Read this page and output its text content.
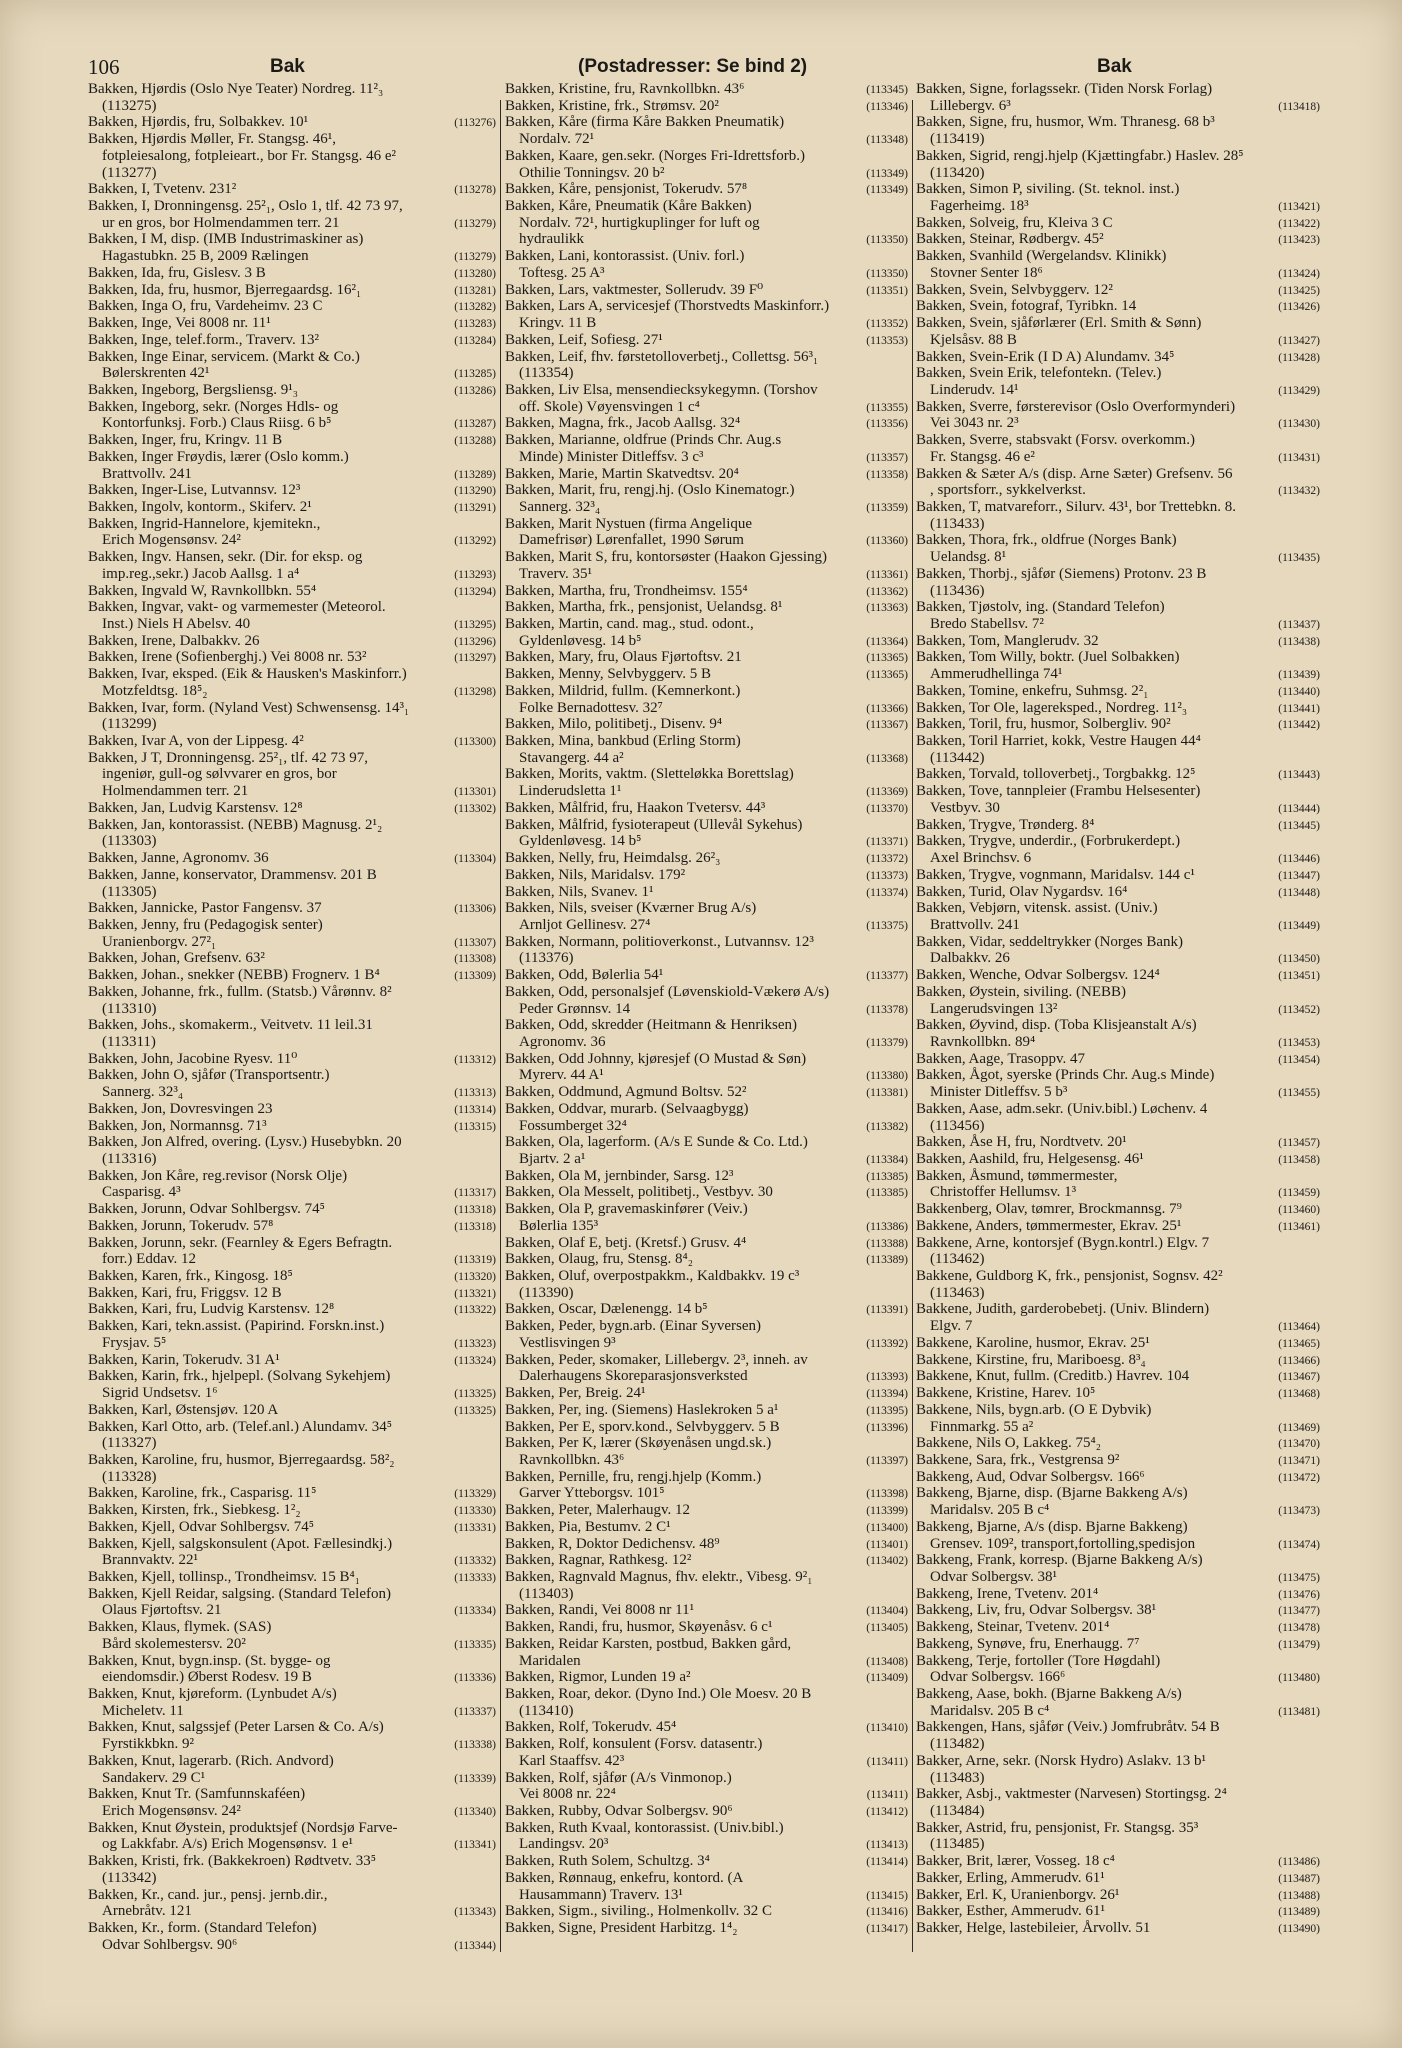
106	Bak	(Postadresser: Se bind 2)	Bak
Bakken, Hjørdis (Oslo Nye Teater) Nordreg. 11²₃
(113275)
Bakken, Hjørdis, fru, Solbakkev. 10¹	(113276)
Bakken, Hjørdis Møller, Fr. Stangsg. 46¹,
fotpleiesalong, fotpleieart., bor Fr. Stangsg. 46 e²
(113277)
Bakken, I, Tvetenv. 231²	(113278)
Bakken, I, Dronningensg. 25²₁, Oslo 1, tlf. 42 73 97,
ur en gros, bor Holmendammen terr. 21	(113279)
Bakken, I M, disp. (IMB Industrimaskiner as)
Hagastubkn. 25 B, 2009 Rælingen	(113279)
Bakken, Ida, fru, Gislesv. 3 B	(113280)
Bakken, Ida, fru, husmor, Bjerregaardsg. 16²₁	(113281)
Bakken, Inga O, fru, Vardeheimv. 23 C	(113282)
Bakken, Inge, Vei 8008 nr. 11¹	(113283)
Bakken, Inge, telef.form., Traverv. 13²	(113284)
Bakken, Inge Einar, servicem. (Markt & Co.)
Bølerskrenten 42¹	(113285)
Bakken, Ingeborg, Bergsliensg. 9¹₃	(113286)
Bakken, Ingeborg, sekr. (Norges Hdls- og
Kontorfunksj. Forb.) Claus Riisg. 6 b⁵	(113287)
Bakken, Inger, fru, Kringv. 11 B	(113288)
Bakken, Inger Frøydis, lærer (Oslo komm.)
Brattvollv. 241	(113289)
Bakken, Inger-Lise, Lutvannsv. 12³	(113290)
Bakken, Ingolv, kontorm., Skiferv. 2¹	(113291)
Bakken, Ingrid-Hannelore, kjemitekn.,
Erich Mogensønsv. 24²	(113292)
Bakken, Ingv. Hansen, sekr. (Dir. for eksp. og
imp.reg.,sekr.) Jacob Aallsg. 1 a⁴	(113293)
Bakken, Ingvald W, Ravnkollbkn. 55⁴	(113294)
Bakken, Ingvar, vakt- og varmemester (Meteorol.
Inst.) Niels H Abelsv. 40	(113295)
Bakken, Irene, Dalbakkv. 26	(113296)
Bakken, Irene (Sofienberghj.) Vei 8008 nr. 53²	(113297)
Bakken, Ivar, eksped. (Eik & Hausken's Maskinforr.)
Motzfeldtsg. 18⁵₂	(113298)
Bakken, Ivar, form. (Nyland Vest) Schwensensg. 14³₁
(113299)
Bakken, Ivar A, von der Lippesg. 4²	(113300)
Bakken, J T, Dronningensg. 25²₁, tlf. 42 73 97,
ingeniør, gull-og sølvvarer en gros, bor
Holmendammen terr. 21	(113301)
Bakken, Jan, Ludvig Karstensv. 12⁸	(113302)
Bakken, Jan, kontorassist. (NEBB) Magnusg. 2¹₂
(113303)
Bakken, Janne, Agronomv. 36	(113304)
Bakken, Janne, konservator, Drammensv. 201 B
(113305)
Bakken, Jannicke, Pastor Fangensv. 37	(113306)
Bakken, Jenny, fru (Pedagogisk senter)
Uranienborgv. 27²₁	(113307)
Bakken, Johan, Grefsenv. 63²	(113308)
Bakken, Johan., snekker (NEBB) Frognerv. 1 B⁴	(113309)
Bakken, Johanne, frk., fullm. (Statsb.) Vårønnv. 8²
(113310)
Bakken, Johs., skomakerm., Veitvetv. 11 leil.31
(113311)
Bakken, John, Jacobine Ryesv. 11⁰	(113312)
Bakken, John O, sjåfør (Transportsentr.)
Sannerg. 32³₄	(113313)
Bakken, Jon, Dovresvingen 23	(113314)
Bakken, Jon, Normannsg. 71³	(113315)
Bakken, Jon Alfred, overing. (Lysv.) Husebybkn. 20
(113316)
Bakken, Jon Kåre, reg.revisor (Norsk Olje)
Casparisg. 4³	(113317)
Bakken, Jorunn, Odvar Sohlbergsv. 74⁵	(113318)
Bakken, Jorunn, Tokerudv. 57⁸	(113318)
Bakken, Jorunn, sekr. (Fearnley & Egers Befragtn.
forr.) Eddav. 12	(113319)
Bakken, Karen, frk., Kingosg. 18⁵	(113320)
Bakken, Kari, fru, Friggsv. 12 B	(113321)
Bakken, Kari, fru, Ludvig Karstensv. 12⁸	(113322)
Bakken, Kari, tekn.assist. (Papirind. Forskn.inst.)
Frysjav. 5⁵	(113323)
Bakken, Karin, Tokerudv. 31 A¹	(113324)
Bakken, Karin, frk., hjelpepl. (Solvang Sykehjem)
Sigrid Undsetsv. 1⁶	(113325)
Bakken, Karl, Østensjøv. 120 A	(113325)
Bakken, Karl Otto, arb. (Telef.anl.) Alundamv. 34⁵
(113327)
Bakken, Karoline, fru, husmor, Bjerregaardsg. 58²₂
(113328)
Bakken, Karoline, frk., Casparisg. 11⁵	(113329)
Bakken, Kirsten, frk., Siebkesg. 1²₂	(113330)
Bakken, Kjell, Odvar Sohlbergsv. 74⁵	(113331)
Bakken, Kjell, salgskonsulent (Apot. Fællesindkj.)
Brannvaktv. 22¹	(113332)
Bakken, Kjell, tollinsp., Trondheimsv. 15 B⁴₁	(113333)
Bakken, Kjell Reidar, salgsing. (Standard Telefon)
Olaus Fjørtoftsv. 21	(113334)
Bakken, Klaus, flymek. (SAS)
Bård skolemestersv. 20²	(113335)
Bakken, Knut, bygn.insp. (St. bygge- og
eiendomsdir.) Øberst Rodesv. 19 B	(113336)
Bakken, Knut, kjøreform. (Lynbudet A/s)
Micheletv. 11	(113337)
Bakken, Knut, salgssjef (Peter Larsen & Co. A/s)
Fyrstikkbkn. 9²	(113338)
Bakken, Knut, lagerarb. (Rich. Andvord)
Sandakerv. 29 C¹	(113339)
Bakken, Knut Tr. (Samfunnskaféen)
Erich Mogensønsv. 24²	(113340)
Bakken, Knut Øystein, produktsjef (Nordsjø Farve-
og Lakkfabr. A/s) Erich Mogensønsv. 1 e¹	(113341)
Bakken, Kristi, frk. (Bakkekroen) Rødtvetv. 33⁵
(113342)
Bakken, Kr., cand. jur., pensj. jernb.dir.,
Arnebråtv. 121	(113343)
Bakken, Kr., form. (Standard Telefon)
Odvar Sohlbergsv. 90⁶	(113344)
Bakken, Kristine, fru, Ravnkollbkn. 43⁶	(113345)
Bakken, Kristine, frk., Strømsv. 20²	(113346)
Bakken, Kåre (firma Kåre Bakken Pneumatik)
Nordalv. 72¹	(113348)
Bakken, Kaare, gen.sekr. (Norges Fri-Idrettsforb.)
Othilie Tonningsv. 20 b²	(113349)
Bakken, Kåre, pensjonist, Tokerudv. 57⁸	(113349)
Bakken, Kåre, Pneumatik (Kåre Bakken)
Nordalv. 72¹, hurtigkuplinger for luft og
hydraulikk	(113350)
Bakken, Lani, kontorassist. (Univ. forl.)
Toftesg. 25 A³	(113350)
Bakken, Lars, vaktmester, Sollerudv. 39 F⁰	(113351)
Bakken, Lars A, servicesjef (Thorstvedts Maskinforr.)
Kringv. 11 B	(113352)
Bakken, Leif, Sofiesg. 27¹	(113353)
Bakken, Leif, fhv. førstetolloverbetj., Collettsg. 56³₁
(113354)
Bakken, Liv Elsa, mensendiecksykegymn. (Torshov
off. Skole) Vøyensvingen 1 c⁴	(113355)
Bakken, Magna, frk., Jacob Aallsg. 32⁴	(113356)
Bakken, Marianne, oldfrue (Prinds Chr. Aug.s
Minde) Minister Ditleffsv. 3 c³	(113357)
Bakken, Marie, Martin Skatvedtsv. 20⁴	(113358)
Bakken, Marit, fru, rengj.hj. (Oslo Kinematogr.)
Sannerg. 32³₄	(113359)
Bakken, Marit Nystuen (firma Angelique
Damefrisør) Lørenfallet, 1990 Sørum	(113360)
Bakken, Marit S, fru, kontorsøster (Haakon Gjessing)
Traverv. 35¹	(113361)
Bakken, Martha, fru, Trondheimsv. 155⁴	(113362)
Bakken, Martha, frk., pensjonist, Uelandsg. 8¹	(113363)
Bakken, Martin, cand. mag., stud. odont.,
Gyldenløvesg. 14 b⁵	(113364)
Bakken, Mary, fru, Olaus Fjørtoftsv. 21	(113365)
Bakken, Menny, Selvbyggerv. 5 B	(113365)
Bakken, Mildrid, fullm. (Kemnerkont.)
Folke Bernadottesv. 32⁷	(113366)
Bakken, Milo, politibetj., Disenv. 9⁴	(113367)
Bakken, Mina, bankbud (Erling Storm)
Stavangerg. 44 a²	(113368)
Bakken, Morits, vaktm. (Sletteløkka Borettslag)
Linderudsletta 1¹	(113369)
Bakken, Målfrid, fru, Haakon Tvetersv. 44³	(113370)
Bakken, Målfrid, fysioterapeut (Ullevål Sykehus)
Gyldenløvesg. 14 b⁵	(113371)
Bakken, Nelly, fru, Heimdalsg. 26²₃	(113372)
Bakken, Nils, Maridalsv. 179²	(113373)
Bakken, Nils, Svanev. 1¹	(113374)
Bakken, Nils, sveiser (Kværner Brug A/s)
Arnljot Gellinesv. 27⁴	(113375)
Bakken, Normann, politioverkonst., Lutvannsv. 12³
(113376)
Bakken, Odd, Bølerlia 54¹	(113377)
Bakken, Odd, personalsjef (Løvenskiold-Vækerø A/s)
Peder Grønnsv. 14	(113378)
Bakken, Odd, skredder (Heitmann & Henriksen)
Agronomv. 36	(113379)
Bakken, Odd Johnny, kjøresjef (O Mustad & Søn)
Myrerv. 44 A¹	(113380)
Bakken, Oddmund, Agmund Boltsv. 52²	(113381)
Bakken, Oddvar, murarb. (Selvaagbygg)
Fossumberget 32⁴	(113382)
Bakken, Ola, lagerform. (A/s E Sunde & Co. Ltd.)
Bjartv. 2 a¹	(113384)
Bakken, Ola M, jernbinder, Sarsg. 12³	(113385)
Bakken, Ola Messelt, politibetj., Vestbyv. 30	(113385)
Bakken, Ola P, gravemaskinfører (Veiv.)
Bølerlia 135³	(113386)
Bakken, Olaf E, betj. (Kretsf.) Grusv. 4⁴	(113388)
Bakken, Olaug, fru, Stensg. 8⁴₂	(113389)
Bakken, Oluf, overpostpakkm., Kaldbakkv. 19 c³
(113390)
Bakken, Oscar, Dælenengg. 14 b⁵	(113391)
Bakken, Peder, bygn.arb. (Einar Syversen)
Vestlisvingen 9³	(113392)
Bakken, Peder, skomaker, Lillebergv. 2³, inneh. av
Dalerhaugens Skoreparasjonsverksted	(113393)
Bakken, Per, Breig. 24¹	(113394)
Bakken, Per, ing. (Siemens) Haslekroken 5 a¹	(113395)
Bakken, Per E, sporv.kond., Selvbyggerv. 5 B	(113396)
Bakken, Per K, lærer (Skøyenåsen ungd.sk.)
Ravnkollbkn. 43⁶	(113397)
Bakken, Pernille, fru, rengj.hjelp (Komm.)
Garver Ytteborgsv. 101⁵	(113398)
Bakken, Peter, Malerhaugv. 12	(113399)
Bakken, Pia, Bestumv. 2 C¹	(113400)
Bakken, R, Doktor Dedichensv. 48⁹	(113401)
Bakken, Ragnar, Rathkesg. 12²	(113402)
Bakken, Ragnvald Magnus, fhv. elektr., Vibesg. 9²₁
(113403)
Bakken, Randi, Vei 8008 nr 11¹	(113404)
Bakken, Randi, fru, husmor, Skøyenåsv. 6 c¹	(113405)
Bakken, Reidar Karsten, postbud, Bakken gård,
Maridalen	(113408)
Bakken, Rigmor, Lunden 19 a²	(113409)
Bakken, Roar, dekor. (Dyno Ind.) Ole Moesv. 20 B
(113410)
Bakken, Rolf, Tokerudv. 45⁴	(113410)
Bakken, Rolf, konsulent (Forsv. datasentr.)
Karl Staaffsv. 42³	(113411)
Bakken, Rolf, sjåfør (A/s Vinmonop.)
Vei 8008 nr. 22⁴	(113411)
Bakken, Rubby, Odvar Solbergsv. 90⁶	(113412)
Bakken, Ruth Kvaal, kontorassist. (Univ.bibl.)
Landingsv. 20³	(113413)
Bakken, Ruth Solem, Schultzg. 3⁴	(113414)
Bakken, Rønnaug, enkefru, kontord. (A
Hausammann) Traverv. 13¹	(113415)
Bakken, Sigm., siviling., Holmenkollv. 32 C	(113416)
Bakken, Signe, President Harbitzg. 1⁴₂	(113417)
Bakken, Signe, forlagssekr. (Tiden Norsk Forlag)
Lillebergv. 6³	(113418)
Bakken, Signe, fru, husmor, Wm. Thranesg. 68 b³
(113419)
Bakken, Sigrid, rengj.hjelp (Kjættingfabr.) Haslev. 28⁵
(113420)
Bakken, Simon P, siviling. (St. teknol. inst.)
Fagerheimg. 18³	(113421)
Bakken, Solveig, fru, Kleiva 3 C	(113422)
Bakken, Steinar, Rødbergv. 45²	(113423)
Bakken, Svanhild (Wergelandsv. Klinikk)
Stovner Senter 18⁶	(113424)
Bakken, Svein, Selvbyggerv. 12²	(113425)
Bakken, Svein, fotograf, Tyribkn. 14	(113426)
Bakken, Svein, sjåførlærer (Erl. Smith & Sønn)
Kjelsåsv. 88 B	(113427)
Bakken, Svein-Erik (I D A) Alundamv. 34⁵	(113428)
Bakken, Svein Erik, telefontekn. (Telev.)
Linderudv. 14¹	(113429)
Bakken, Sverre, førsterevisor (Oslo Overformynderi)
Vei 3043 nr. 2³	(113430)
Bakken, Sverre, stabsvakt (Forsv. overkomm.)
Fr. Stangsg. 46 e²	(113431)
Bakken & Sæter A/s (disp. Arne Sæter) Grefsenv. 56
, sportsforr., sykkelverkst.	(113432)
Bakken, T, matvareforr., Silurv. 43¹, bor Trettebkn. 8.
(113433)
Bakken, Thora, frk., oldfrue (Norges Bank)
Uelandsg. 8¹	(113435)
Bakken, Thorbj., sjåfør (Siemens) Protonv. 23 B
(113436)
Bakken, Tjøstolv, ing. (Standard Telefon)
Bredo Stabellsv. 7²	(113437)
Bakken, Tom, Manglerudv. 32	(113438)
Bakken, Tom Willy, boktr. (Juel Solbakken)
Ammerudhellinga 74¹	(113439)
Bakken, Tomine, enkefru, Suhmsg. 2²₁	(113440)
Bakken, Tor Ole, lagereksped., Nordreg. 11²₃	(113441)
Bakken, Toril, fru, husmor, Solbergliv. 90²	(113442)
Bakken, Toril Harriet, kokk, Vestre Haugen 44⁴
(113442)
Bakken, Torvald, tolloverbetj., Torgbakkg. 12⁵	(113443)
Bakken, Tove, tannpleier (Frambu Helsesenter)
Vestbyv. 30	(113444)
Bakken, Trygve, Trønderg. 8⁴	(113445)
Bakken, Trygve, underdir., (Forbrukerdept.)
Axel Brinchsv. 6	(113446)
Bakken, Trygve, vognmann, Maridalsv. 144 c¹	(113447)
Bakken, Turid, Olav Nygardsv. 16⁴	(113448)
Bakken, Vebjørn, vitensk. assist. (Univ.)
Brattvollv. 241	(113449)
Bakken, Vidar, seddeltrykker (Norges Bank)
Dalbakkv. 26	(113450)
Bakken, Wenche, Odvar Solbergsv. 124⁴	(113451)
Bakken, Øystein, siviling. (NEBB)
Langerudsvingen 13²	(113452)
Bakken, Øyvind, disp. (Toba Klisjeanstalt A/s)
Ravnkollbkn. 89⁴	(113453)
Bakken, Aage, Trasoppv. 47	(113454)
Bakken, Ågot, syerske (Prinds Chr. Aug.s Minde)
Minister Ditleffsv. 5 b³	(113455)
Bakken, Aase, adm.sekr. (Univ.bibl.) Løchenv. 4
(113456)
Bakken, Åse H, fru, Nordtvetv. 20¹	(113457)
Bakken, Aashild, fru, Helgesensg. 46¹	(113458)
Bakken, Åsmund, tømmermester,
Christoffer Hellumsv. 1³	(113459)
Bakkenberg, Olav, tømrer, Brockmannsg. 7⁹	(113460)
Bakkene, Anders, tømmermester, Ekrav. 25¹	(113461)
Bakkene, Arne, kontorsjef (Bygn.kontrl.) Elgv. 7
(113462)
Bakkene, Guldborg K, frk., pensjonist, Sognsv. 42²
(113463)
Bakkene, Judith, garderobebetj. (Univ. Blindern)
Elgv. 7	(113464)
Bakkene, Karoline, husmor, Ekrav. 25¹	(113465)
Bakkene, Kirstine, fru, Mariboesg. 8³₄	(113466)
Bakkene, Knut, fullm. (Creditb.) Havrev. 104	(113467)
Bakkene, Kristine, Harev. 10⁵	(113468)
Bakkene, Nils, bygn.arb. (O E Dybvik)
Finnmarkg. 55 a²	(113469)
Bakkene, Nils O, Lakkeg. 75⁴₂	(113470)
Bakkene, Sara, frk., Vestgrensa 9²	(113471)
Bakkeng, Aud, Odvar Solbergsv. 166⁶	(113472)
Bakkeng, Bjarne, disp. (Bjarne Bakkeng A/s)
Maridalsv. 205 B c⁴	(113473)
Bakkeng, Bjarne, A/s (disp. Bjarne Bakkeng)
Grensev. 109², transport,fortolling,spedisjon	(113474)
Bakkeng, Frank, korresp. (Bjarne Bakkeng A/s)
Odvar Solbergsv. 38¹	(113475)
Bakkeng, Irene, Tvetenv. 201⁴	(113476)
Bakkeng, Liv, fru, Odvar Solbergsv. 38¹	(113477)
Bakkeng, Steinar, Tvetenv. 201⁴	(113478)
Bakkeng, Synøve, fru, Enerhaugg. 7⁷	(113479)
Bakkeng, Terje, fortoller (Tore Høgdahl)
Odvar Solbergsv. 166⁶	(113480)
Bakkeng, Aase, bokh. (Bjarne Bakkeng A/s)
Maridalsv. 205 B c⁴	(113481)
Bakkengen, Hans, sjåfør (Veiv.) Jomfrubråtv. 54 B
(113482)
Bakker, Arne, sekr. (Norsk Hydro) Aslakv. 13 b¹
(113483)
Bakker, Asbj., vaktmester (Narvesen) Stortingsg. 2⁴
(113484)
Bakker, Astrid, fru, pensjonist, Fr. Stangsg. 35³
(113485)
Bakker, Brit, lærer, Vosseg. 18 c⁴	(113486)
Bakker, Erling, Ammerudv. 61¹	(113487)
Bakker, Erl. K, Uranienborgv. 26¹	(113488)
Bakker, Esther, Ammerudv. 61¹	(113489)
Bakker, Helge, lastebileier, Årvollv. 51	(113490)
